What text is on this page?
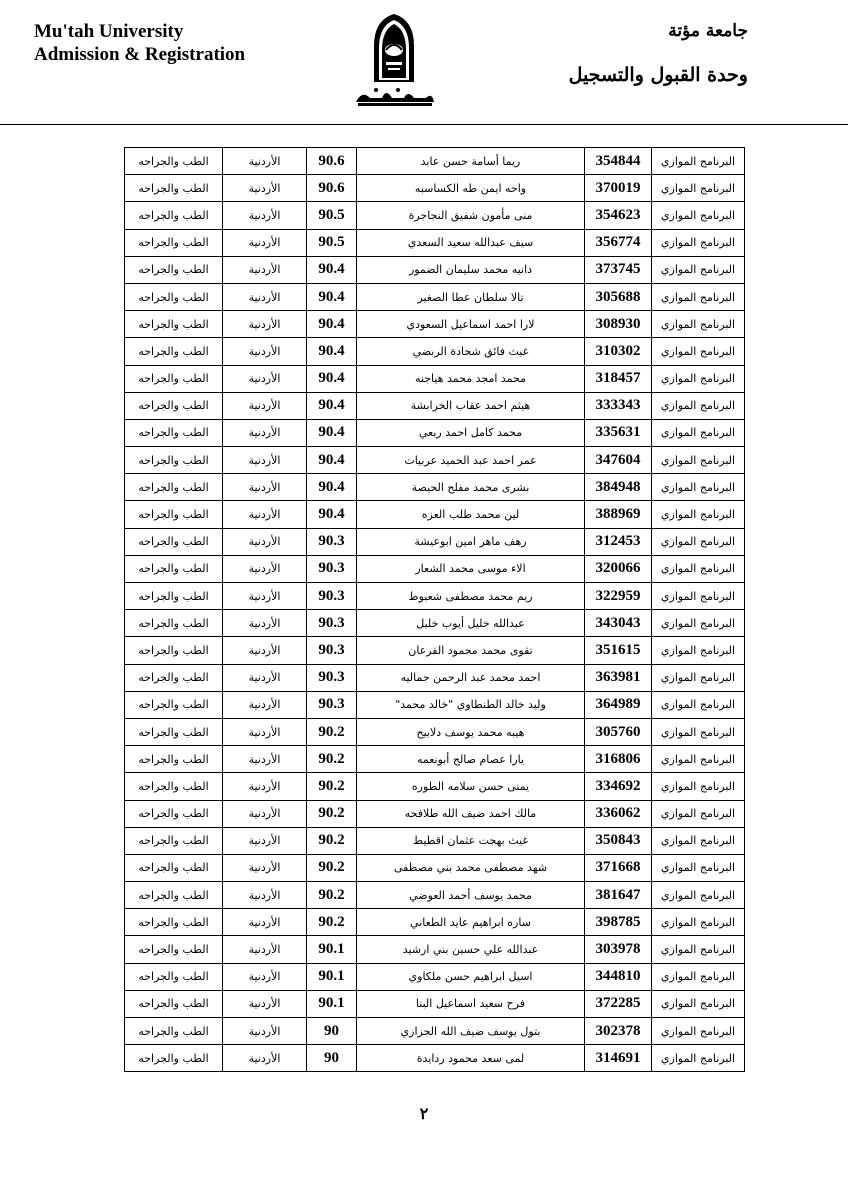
Mu'tah University
Admission & Registration
جامعة مؤتة
وحدة القبول والتسجيل
الطب والجراحه	الأردنية	90.6	ريما أسامة حسن عابد	354844	البرنامج الموازي
الطب والجراحه	الأردنية	90.6	واحه ايمن طه الكساسبه	370019	البرنامج الموازي
الطب والجراحه	الأردنية	90.5	منى مأمون شفيق النجاجرة	354623	البرنامج الموازي
الطب والجراحه	الأردنية	90.5	سيف عبدالله سعيد السعدي	356774	البرنامج الموازي
الطب والجراحه	الأردنية	90.4	دانيه محمد سليمان الضمور	373745	البرنامج الموازي
الطب والجراحه	الأردنية	90.4	تالا سلطان عطا الصغير	305688	البرنامج الموازي
الطب والجراحه	الأردنية	90.4	لارا احمد اسماعيل السعودي	308930	البرنامج الموازي
الطب والجراحه	الأردنية	90.4	غيث فائق شحادة الربضي	310302	البرنامج الموازي
الطب والجراحه	الأردنية	90.4	محمد امجد محمد هياجنه	318457	البرنامج الموازي
الطب والجراحه	الأردنية	90.4	هيثم احمد عقاب الخرابشة	333343	البرنامج الموازي
الطب والجراحه	الأردنية	90.4	محمد كامل احمد ربعي	335631	البرنامج الموازي
الطب والجراحه	الأردنية	90.4	عمر احمد عبد الحميد عربيات	347604	البرنامج الموازي
الطب والجراحه	الأردنية	90.4	بشرى محمد مفلح الحيصة	384948	البرنامج الموازي
الطب والجراحه	الأردنية	90.4	لين محمد طلب العزه	388969	البرنامج الموازي
الطب والجراحه	الأردنية	90.3	رهف ماهر امين ابوعيشة	312453	البرنامج الموازي
الطب والجراحه	الأردنية	90.3	الاء موسى محمد الشعار	320066	البرنامج الموازي
الطب والجراحه	الأردنية	90.3	ريم محمد مصطفى شعبوط	322959	البرنامج الموازي
الطب والجراحه	الأردنية	90.3	عبدالله خليل أيوب خليل	343043	البرنامج الموازي
الطب والجراحه	الأردنية	90.3	تقوى محمد محمود القرعان	351615	البرنامج الموازي
الطب والجراحه	الأردنية	90.3	احمد محمد عبد الرحمن جماليه	363981	البرنامج الموازي
الطب والجراحه	الأردنية	90.3	وليد خالد الطنطاوي "خالد محمد"	364989	البرنامج الموازي
الطب والجراحه	الأردنية	90.2	هيبه محمد يوسف دلابيح	305760	البرنامج الموازي
الطب والجراحه	الأردنية	90.2	يارا عصام صالح أبونعمه	316806	البرنامج الموازي
الطب والجراحه	الأردنية	90.2	يمنى حسن سلامه الطوره	334692	البرنامج الموازي
الطب والجراحه	الأردنية	90.2	مالك احمد ضيف الله طلافحه	336062	البرنامج الموازي
الطب والجراحه	الأردنية	90.2	غيث بهجت عثمان اقطيط	350843	البرنامج الموازي
الطب والجراحه	الأردنية	90.2	شهد مصطفى محمد بني مصطفى	371668	البرنامج الموازي
الطب والجراحه	الأردنية	90.2	محمد يوسف أحمد العوضي	381647	البرنامج الموازي
الطب والجراحه	الأردنية	90.2	ساره ابراهيم عايد الطعاني	398785	البرنامج الموازي
الطب والجراحه	الأردنية	90.1	عبدالله علي حسين بني ارشيد	303978	البرنامج الموازي
الطب والجراحه	الأردنية	90.1	اسيل ابراهيم حسن ملكاوي	344810	البرنامج الموازي
الطب والجراحه	الأردنية	90.1	فرح سعيد اسماعيل البنا	372285	البرنامج الموازي
الطب والجراحه	الأردنية	90	بتول يوسف ضيف الله الجزازي	302378	البرنامج الموازي
الطب والجراحه	الأردنية	90	لمى سعد محمود ردايدة	314691	البرنامج الموازي
٢
